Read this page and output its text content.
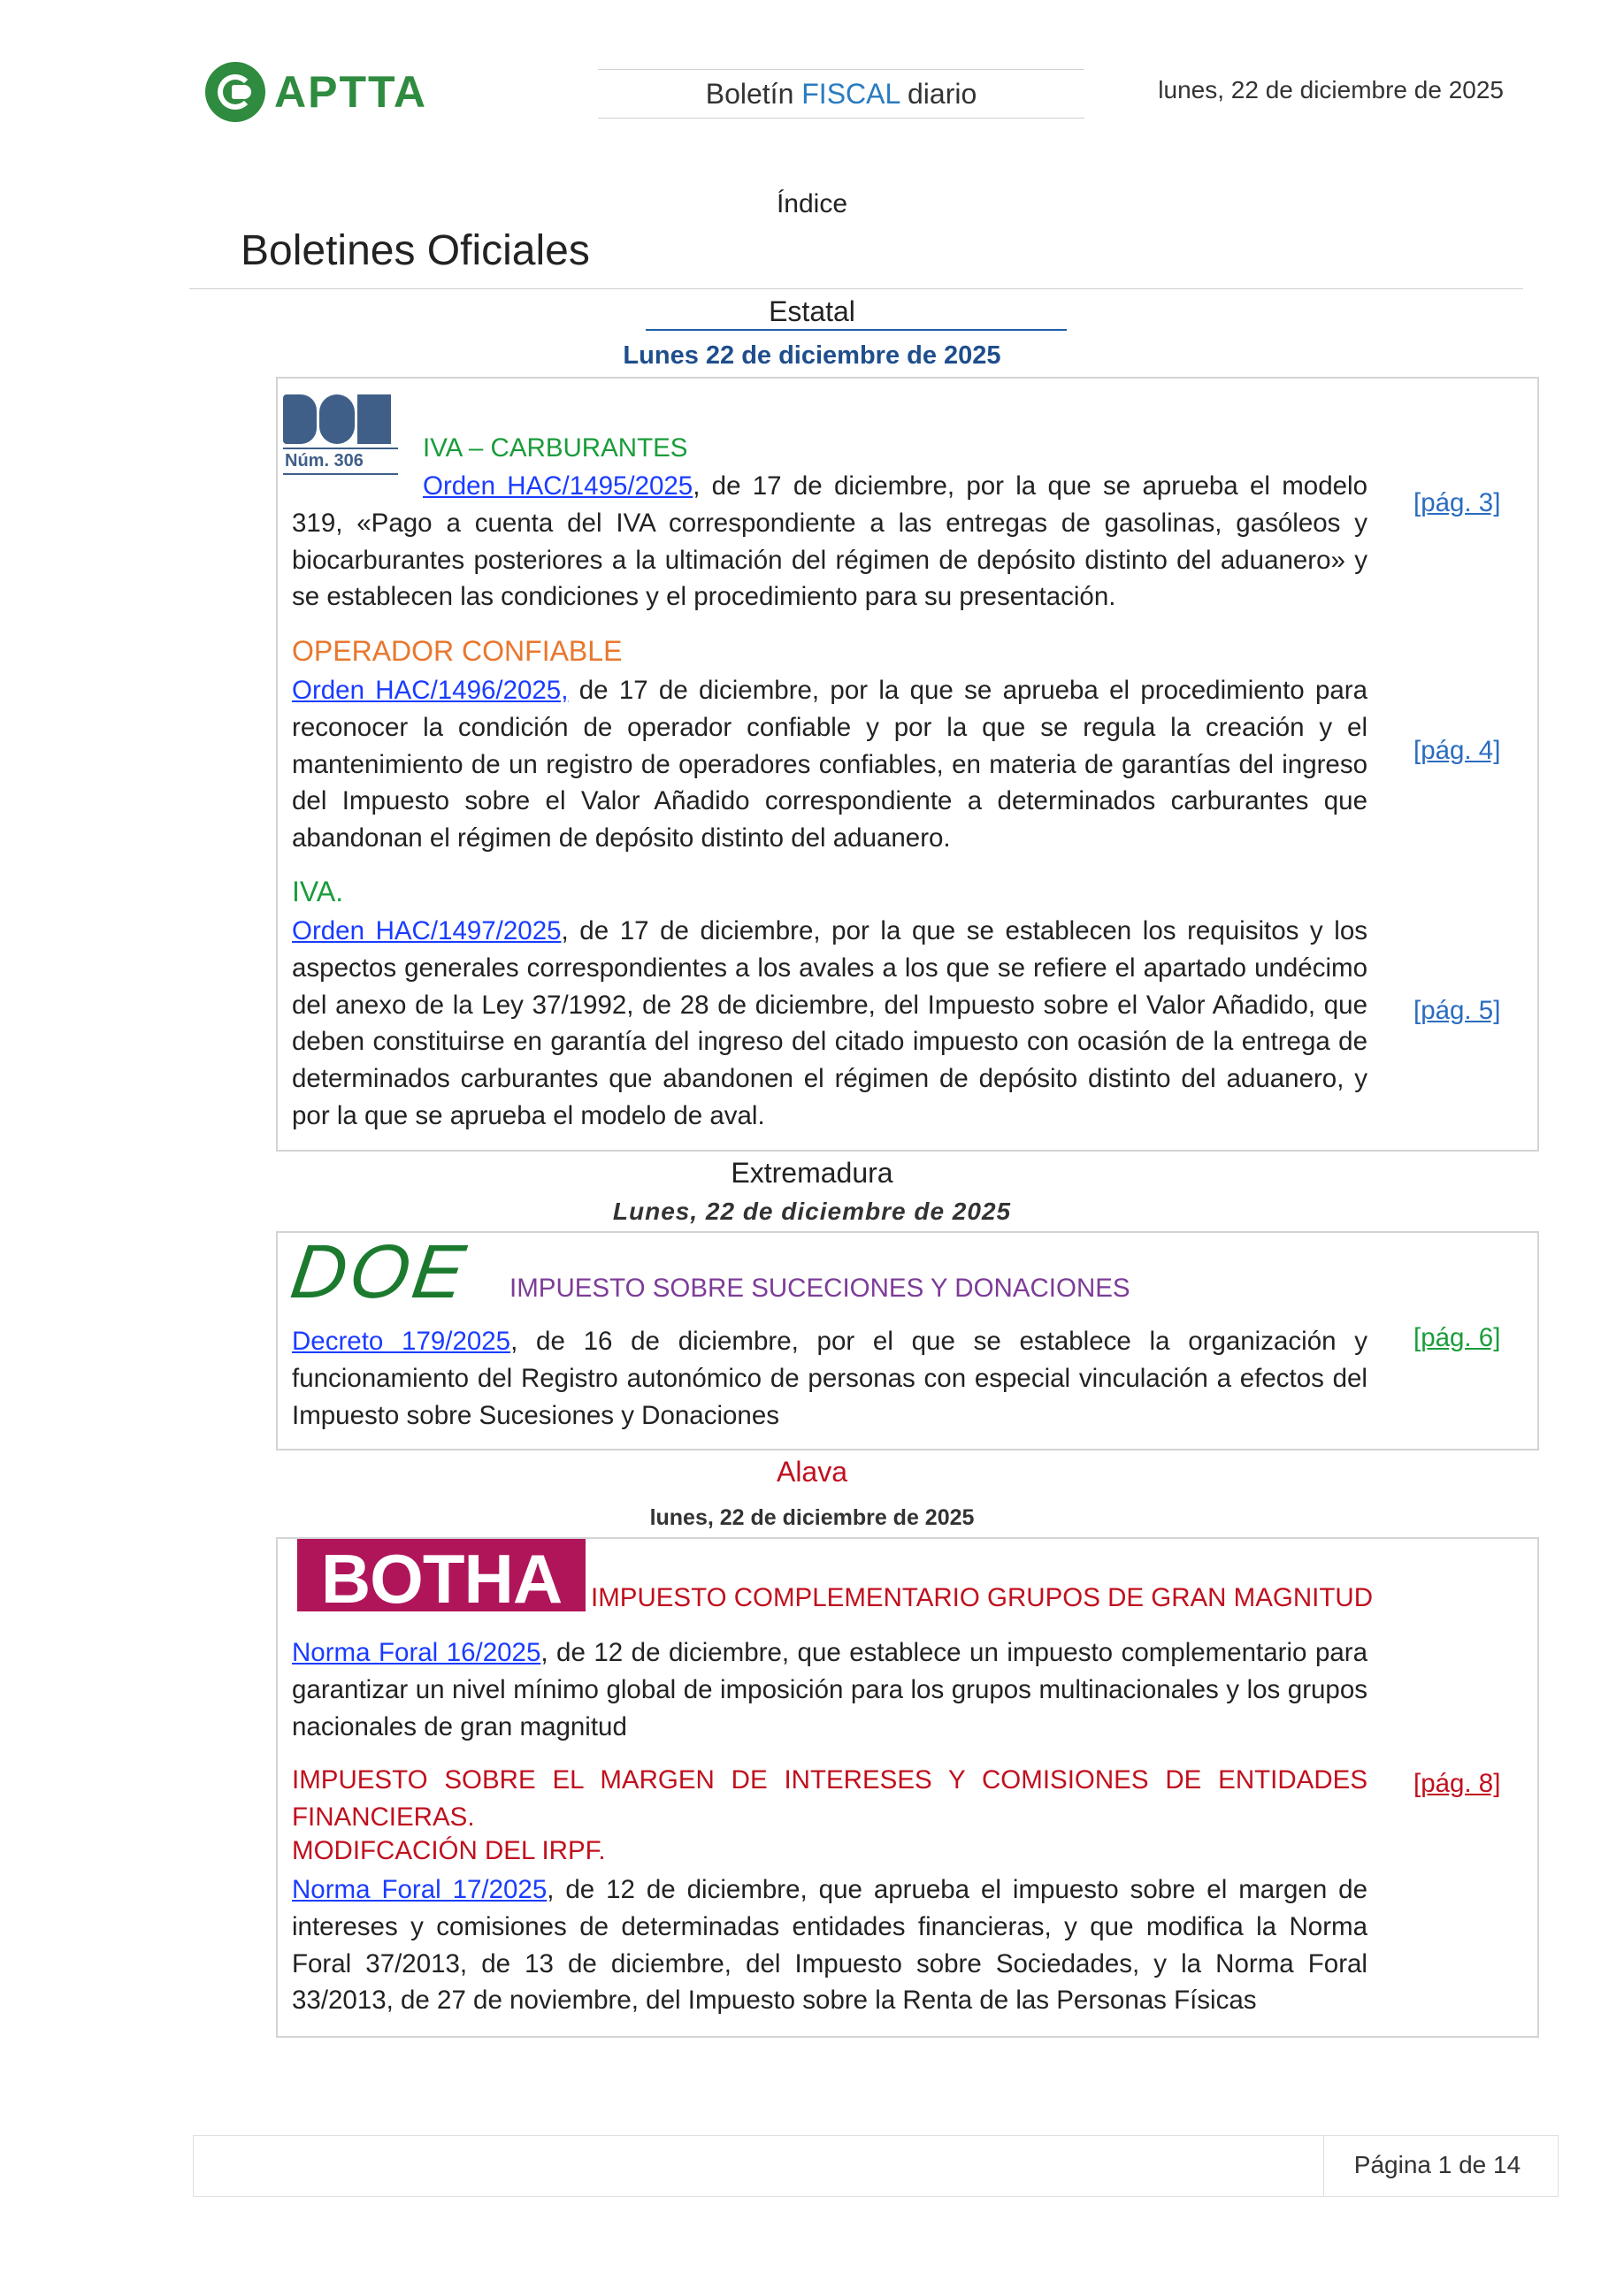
APTTA	Boletín FISCAL diario	lunes, 22 de diciembre de 2025
Índice
Boletines Oficiales
Estatal
Lunes 22 de diciembre de 2025
Núm. 306	IVA – CARBURANTES
Orden HAC/1495/2025, de 17 de diciembre, por la que se aprueba el modelo 319, «Pago a cuenta del IVA correspondiente a las entregas de gasolinas, gasóleos y biocarburantes posteriores a la ultimación del régimen de depósito distinto del aduanero» y se establecen las condiciones y el procedimiento para su presentación.
[pág. 3]
OPERADOR CONFIABLE
Orden HAC/1496/2025, de 17 de diciembre, por la que se aprueba el procedimiento para reconocer la condición de operador confiable y por la que se regula la creación y el mantenimiento de un registro de operadores confiables, en materia de garantías del ingreso del Impuesto sobre el Valor Añadido correspondiente a determinados carburantes que abandonan el régimen de depósito distinto del aduanero.
[pág. 4]
IVA.
Orden HAC/1497/2025, de 17 de diciembre, por la que se establecen los requisitos y los aspectos generales correspondientes a los avales a los que se refiere el apartado undécimo del anexo de la Ley 37/1992, de 28 de diciembre, del Impuesto sobre el Valor Añadido, que deben constituirse en garantía del ingreso del citado impuesto con ocasión de la entrega de determinados carburantes que abandonen el régimen de depósito distinto del aduanero, y por la que se aprueba el modelo de aval.
[pág. 5]
Extremadura
Lunes, 22 de diciembre de 2025
DOE IMPUESTO SOBRE SUCECIONES Y DONACIONES
Decreto 179/2025, de 16 de diciembre, por el que se establece la organización y funcionamiento del Registro autonómico de personas con especial vinculación a efectos del Impuesto sobre Sucesiones y Donaciones
[pág. 6]
Alava
lunes, 22 de diciembre de 2025
BOTHA	IMPUESTO COMPLEMENTARIO GRUPOS DE GRAN MAGNITUD
Norma Foral 16/2025, de 12 de diciembre, que establece un impuesto complementario para garantizar un nivel mínimo global de imposición para los grupos multinacionales y los grupos nacionales de gran magnitud
IMPUESTO SOBRE EL MARGEN DE INTERESES Y COMISIONES DE ENTIDADES FINANCIERAS.
MODIFCACIÓN DEL IRPF.
Norma Foral 17/2025, de 12 de diciembre, que aprueba el impuesto sobre el margen de intereses y comisiones de determinadas entidades financieras, y que modifica la Norma Foral 37/2013, de 13 de diciembre, del Impuesto sobre Sociedades, y la Norma Foral 33/2013, de 27 de noviembre, del Impuesto sobre la Renta de las Personas Físicas
[pág. 8]
Página 1 de 14
